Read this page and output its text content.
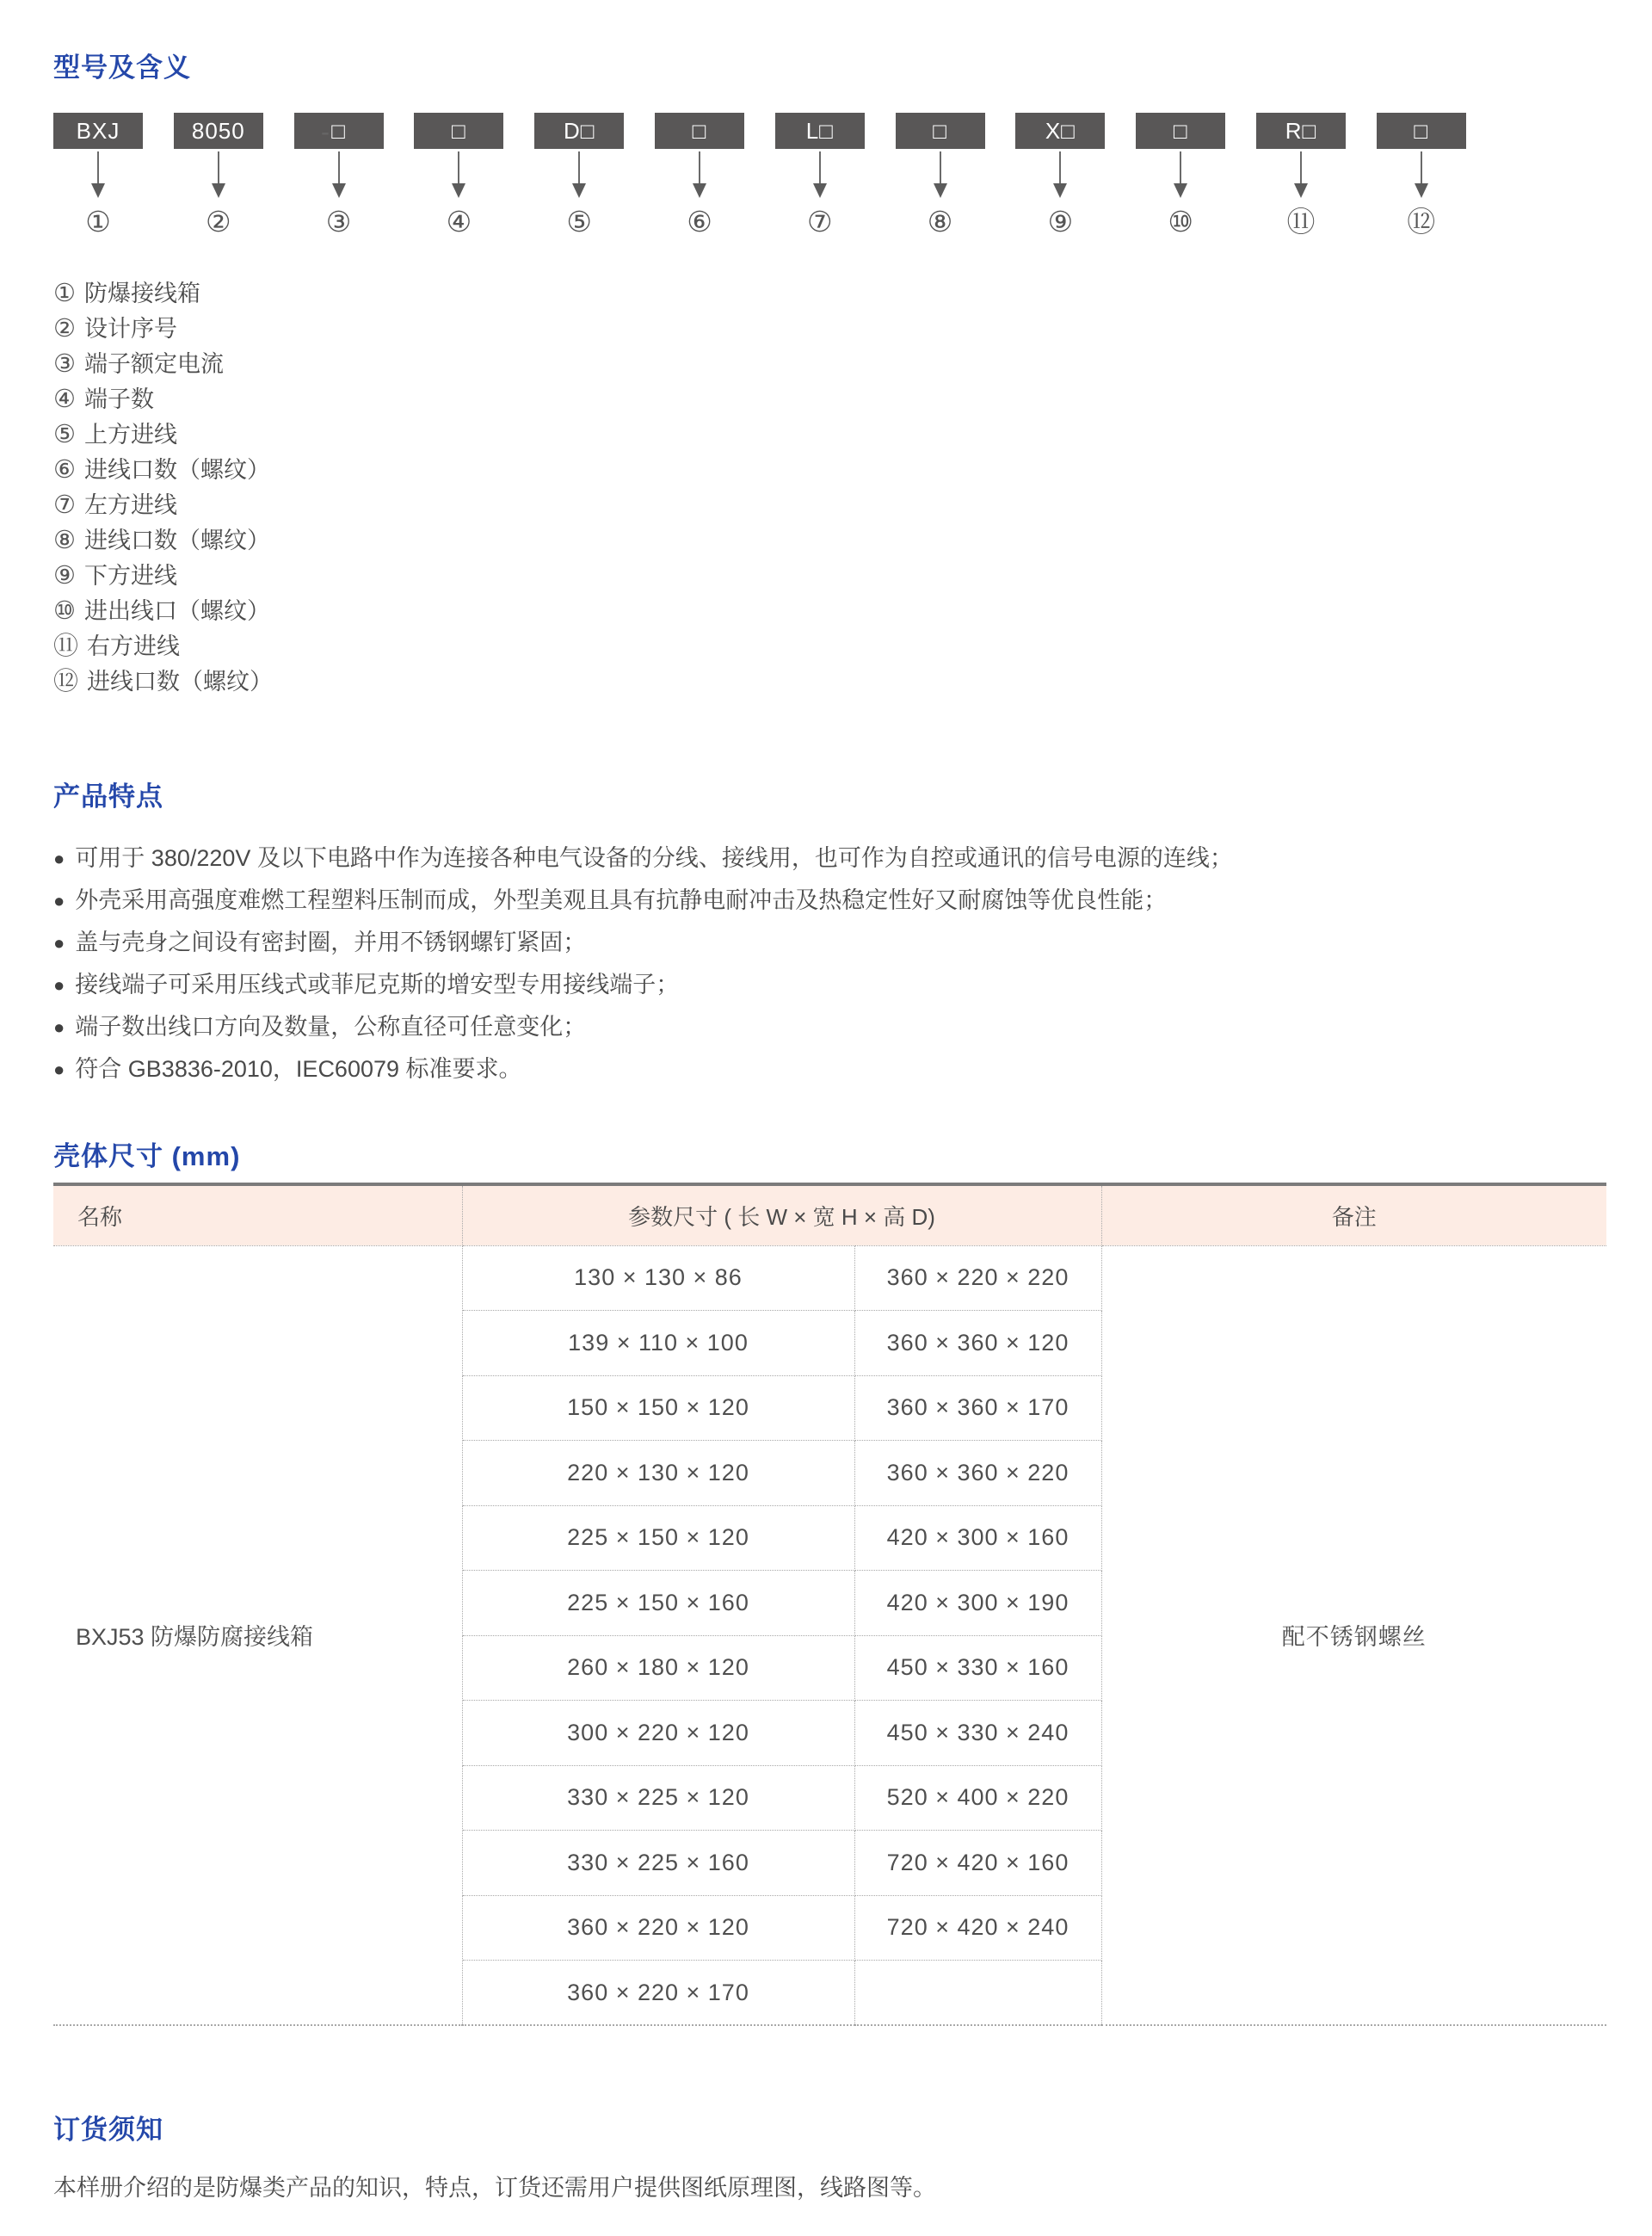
型号及含义
-
BXJ
①
8050
②
□
③
□
④
D□
⑤
□
⑥
L□
⑦
□
⑧
X□
⑨
□
⑩
R□
⑪
□
⑫
① 防爆接线箱
② 设计序号
③ 端子额定电流
④ 端子数
⑤ 上方进线
⑥ 进线口数（螺纹）
⑦ 左方进线
⑧ 进线口数（螺纹）
⑨ 下方进线
⑩ 进出线口（螺纹）
⑪ 右方进线
⑫ 进线口数（螺纹）
产品特点
● 可用于 380/220V 及以下电路中作为连接各种电气设备的分线、接线用，也可作为自控或通讯的信号电源的连线；
● 外壳采用高强度难燃工程塑料压制而成，外型美观且具有抗静电耐冲击及热稳定性好又耐腐蚀等优良性能；
● 盖与壳身之间设有密封圈，并用不锈钢螺钉紧固；
● 接线端子可采用压线式或菲尼克斯的增安型专用接线端子；
● 端子数出线口方向及数量，公称直径可任意变化；
● 符合 GB3836-2010，IEC60079 标准要求。
壳体尺寸 (mm)
名称	参数尺寸 ( 长 W × 宽 H × 高 D)		备注
BXJ53 防爆防腐接线箱	130 × 130 × 86	360 × 220 × 220	配不锈钢螺丝
	139 × 110 × 100	360 × 360 × 120	
	150 × 150 × 120	360 × 360 × 170	
	220 × 130 × 120	360 × 360 × 220	
	225 × 150 × 120	420 × 300 × 160	
	225 × 150 × 160	420 × 300 × 190	
	260 × 180 × 120	450 × 330 × 160	
	300 × 220 × 120	450 × 330 × 240	
	330 × 225 × 120	520 × 400 × 220	
	330 × 225 × 160	720 × 420 × 160	
	360 × 220 × 120	720 × 420 × 240	
	360 × 220 × 170		
订货须知

本样册介绍的是防爆类产品的知识，特点，订货还需用户提供图纸原理图，线路图等。
